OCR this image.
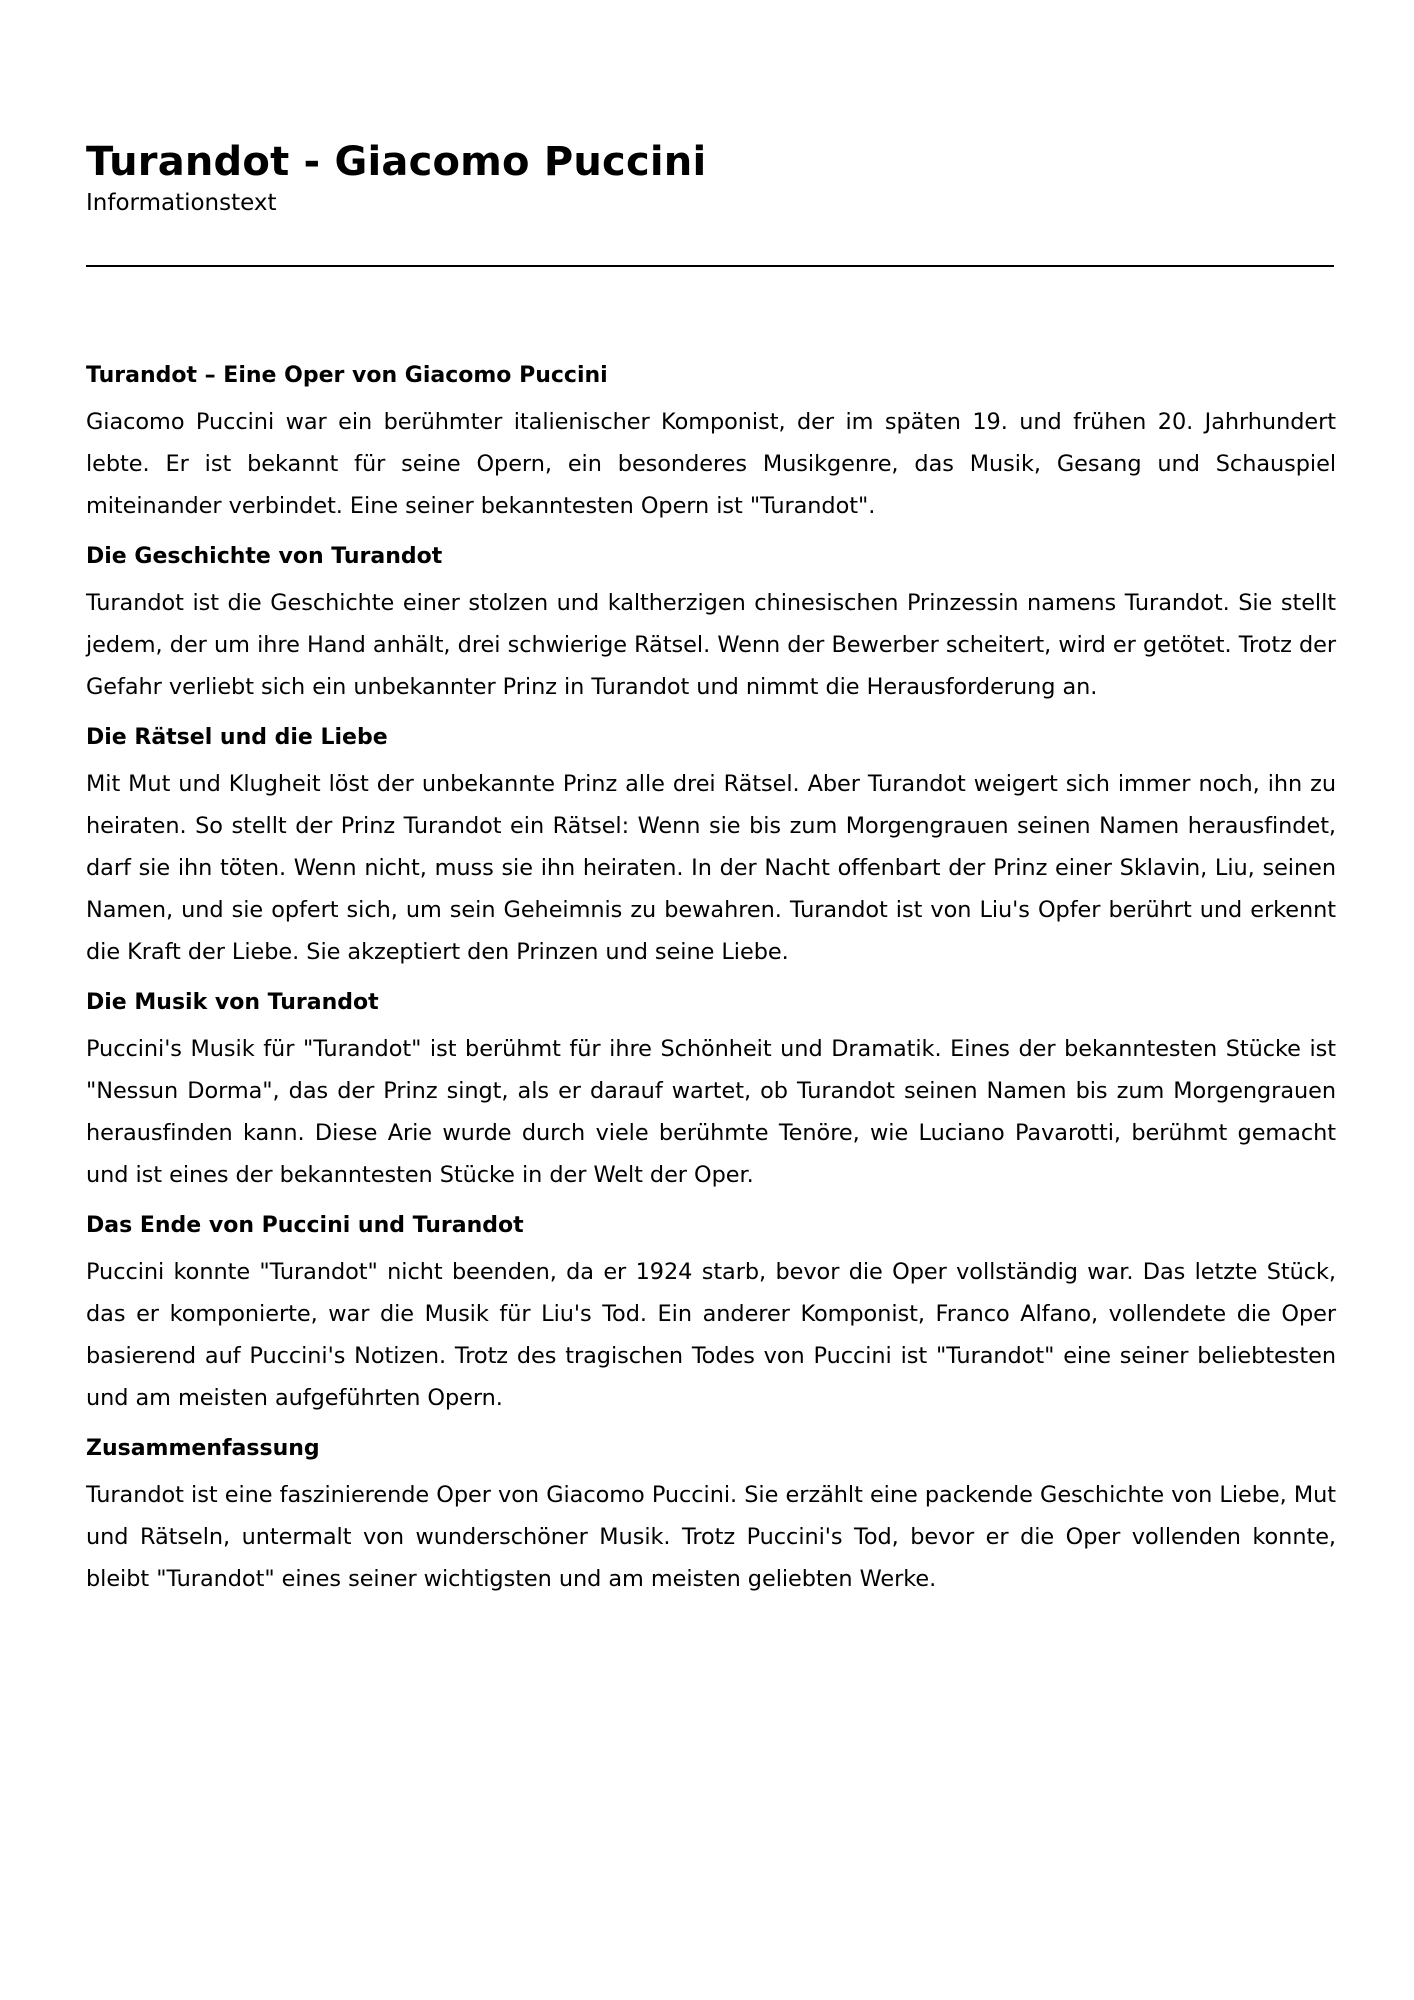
Turandot - Giacomo Puccini
Informationstext
Turandot – Eine Oper von Giacomo Puccini

Giacomo Puccini war ein berühmter italienischer Komponist, der im späten 19. und frühen 20. Jahrhundert lebte. Er ist bekannt für seine Opern, ein besonderes Musikgenre, das Musik, Gesang und Schauspiel miteinander verbindet. Eine seiner bekanntesten Opern ist "Turandot".

Die Geschichte von Turandot

Turandot ist die Geschichte einer stolzen und kaltherzigen chinesischen Prinzessin namens Turandot. Sie stellt jedem, der um ihre Hand anhält, drei schwierige Rätsel. Wenn der Bewerber scheitert, wird er getötet. Trotz der Gefahr verliebt sich ein unbekannter Prinz in Turandot und nimmt die Herausforderung an.

Die Rätsel und die Liebe

Mit Mut und Klugheit löst der unbekannte Prinz alle drei Rätsel. Aber Turandot weigert sich immer noch, ihn zu heiraten. So stellt der Prinz Turandot ein Rätsel: Wenn sie bis zum Morgengrauen seinen Namen herausfindet, darf sie ihn töten. Wenn nicht, muss sie ihn heiraten. In der Nacht offenbart der Prinz einer Sklavin, Liu, seinen Namen, und sie opfert sich, um sein Geheimnis zu bewahren. Turandot ist von Liu's Opfer berührt und erkennt die Kraft der Liebe. Sie akzeptiert den Prinzen und seine Liebe.

Die Musik von Turandot

Puccini's Musik für "Turandot" ist berühmt für ihre Schönheit und Dramatik. Eines der bekanntesten Stücke ist "Nessun Dorma", das der Prinz singt, als er darauf wartet, ob Turandot seinen Namen bis zum Morgengrauen herausfinden kann. Diese Arie wurde durch viele berühmte Tenöre, wie Luciano Pavarotti, berühmt gemacht und ist eines der bekanntesten Stücke in der Welt der Oper.

Das Ende von Puccini und Turandot

Puccini konnte "Turandot" nicht beenden, da er 1924 starb, bevor die Oper vollständig war. Das letzte Stück, das er komponierte, war die Musik für Liu's Tod. Ein anderer Komponist, Franco Alfano, vollendete die Oper basierend auf Puccini's Notizen. Trotz des tragischen Todes von Puccini ist "Turandot" eine seiner beliebtesten und am meisten aufgeführten Opern.

Zusammenfassung

Turandot ist eine faszinierende Oper von Giacomo Puccini. Sie erzählt eine packende Geschichte von Liebe, Mut und Rätseln, untermalt von wunderschöner Musik. Trotz Puccini's Tod, bevor er die Oper vollenden konnte, bleibt "Turandot" eines seiner wichtigsten und am meisten geliebten Werke.
